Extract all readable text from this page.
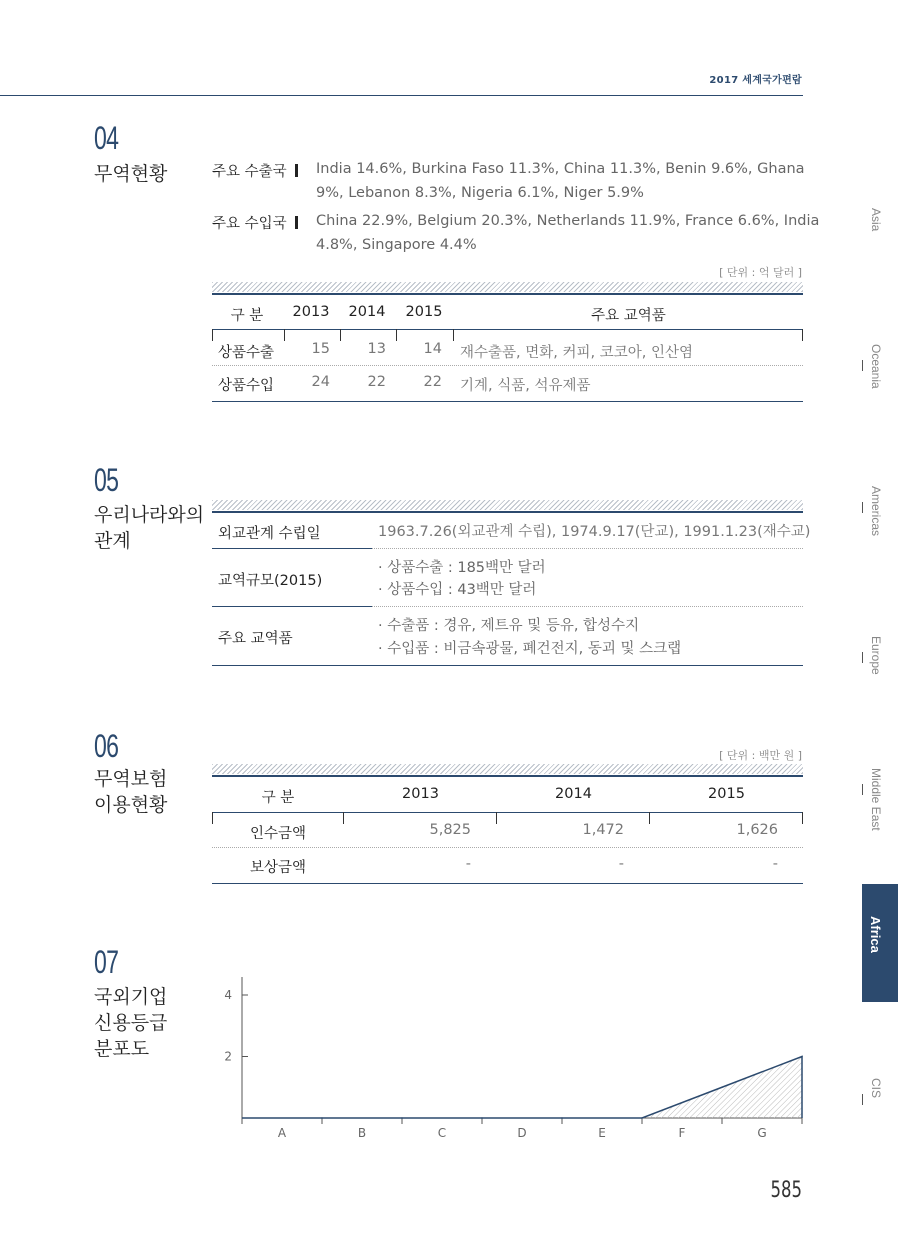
2017 세계국가편람
04
무역현황	주요 수출국	India 14.6%, Burkina Faso 11.3%, China 11.3%, Benin 9.6%, Ghana
9%, Lebanon 8.3%, Nigeria 6.1%, Niger 5.9%
주요 수입국	China 22.9%, Belgium 20.3%, Netherlands 11.9%, France 6.6%, India
4.8%, Singapore 4.4%
[ 단위 : 억 달러 ]
구 분	2013	2014	2015	주요 교역품
상품수출	15	13	14 재수출품, 면화, 커피, 코코아, 인산염
상품수입	24	22	22 기계, 식품, 석유제품
05
우리나라와의
관계	외교관계 수립일	1963.7.26(외교관계 수립), 1974.9.17(단교), 1991.1.23(재수교)
교역규모(2015)
· 상품수출 : 185백만 달러
· 상품수입 : 43백만 달러
주요 교역품
· 수출품 : 경유, 제트유 및 등유, 합성수지
· 수입품 : 비금속광물, 폐건전지, 동괴 및 스크랩
06
무역보험
이용현황
[ 단위 : 백만 원 ]
구 분	2013	2014	2015
인수금액	5,825	1,472	1,626
보상금액	-	-	-
07
국외기업
신용등급
분포도	2
4
A	B	C	D	E	F	G
Asia
Oceania
Americas
Europe
Middle East
Africa
CIS
585
